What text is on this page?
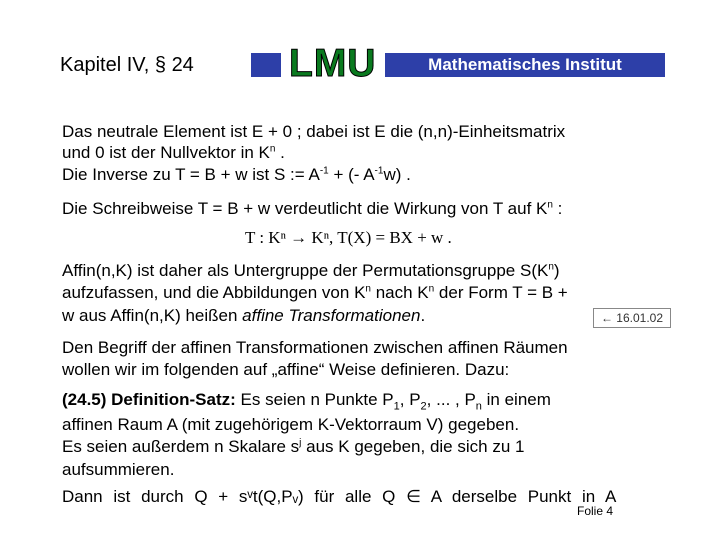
Kapitel IV, § 24 LMU	Mathematisches Institut
Das neutrale Element ist E + 0 ; dabei ist E die (n,n)-Einheitsmatrix
und 0 ist der Nullvektor in $K^n$ .
Die Inverse zu T = B + w ist S := $A^{-1}$ + (- $A^{-1}w$) .
Die Schreibweise T = B + w verdeutlicht die Wirkung von T auf $K^n$ :
T : Kⁿ → Kⁿ, T(X) = BX + w .
Affin(n,K) ist daher als Untergruppe der Permutationsgruppe $S(K^n)$
aufzufassen, und die Abbildungen von $K^n$ nach $K^n$ der Form T = B +
w aus Affin(n,K) heißen affine Transformationen.	← 16.01.02
Den Begriff der affinen Transformationen zwischen affinen Räumen
wollen wir im folgenden auf „affine“ Weise definieren. Dazu:
(24.5) Definition-Satz: Es seien n Punkte $P_1$, $P_2$, ... , $P_n$ in einem
affinen Raum A (mit zugehörigem K-Vektorraum V) gegeben.
Es seien außerdem n Skalare $s^j$ aus K gegeben, die sich zu 1
aufsummieren.
Dann ist durch Q + sᵛt(Q,Pᵥ) für alle Q ∈ A derselbe Punkt in A
Folie 4
